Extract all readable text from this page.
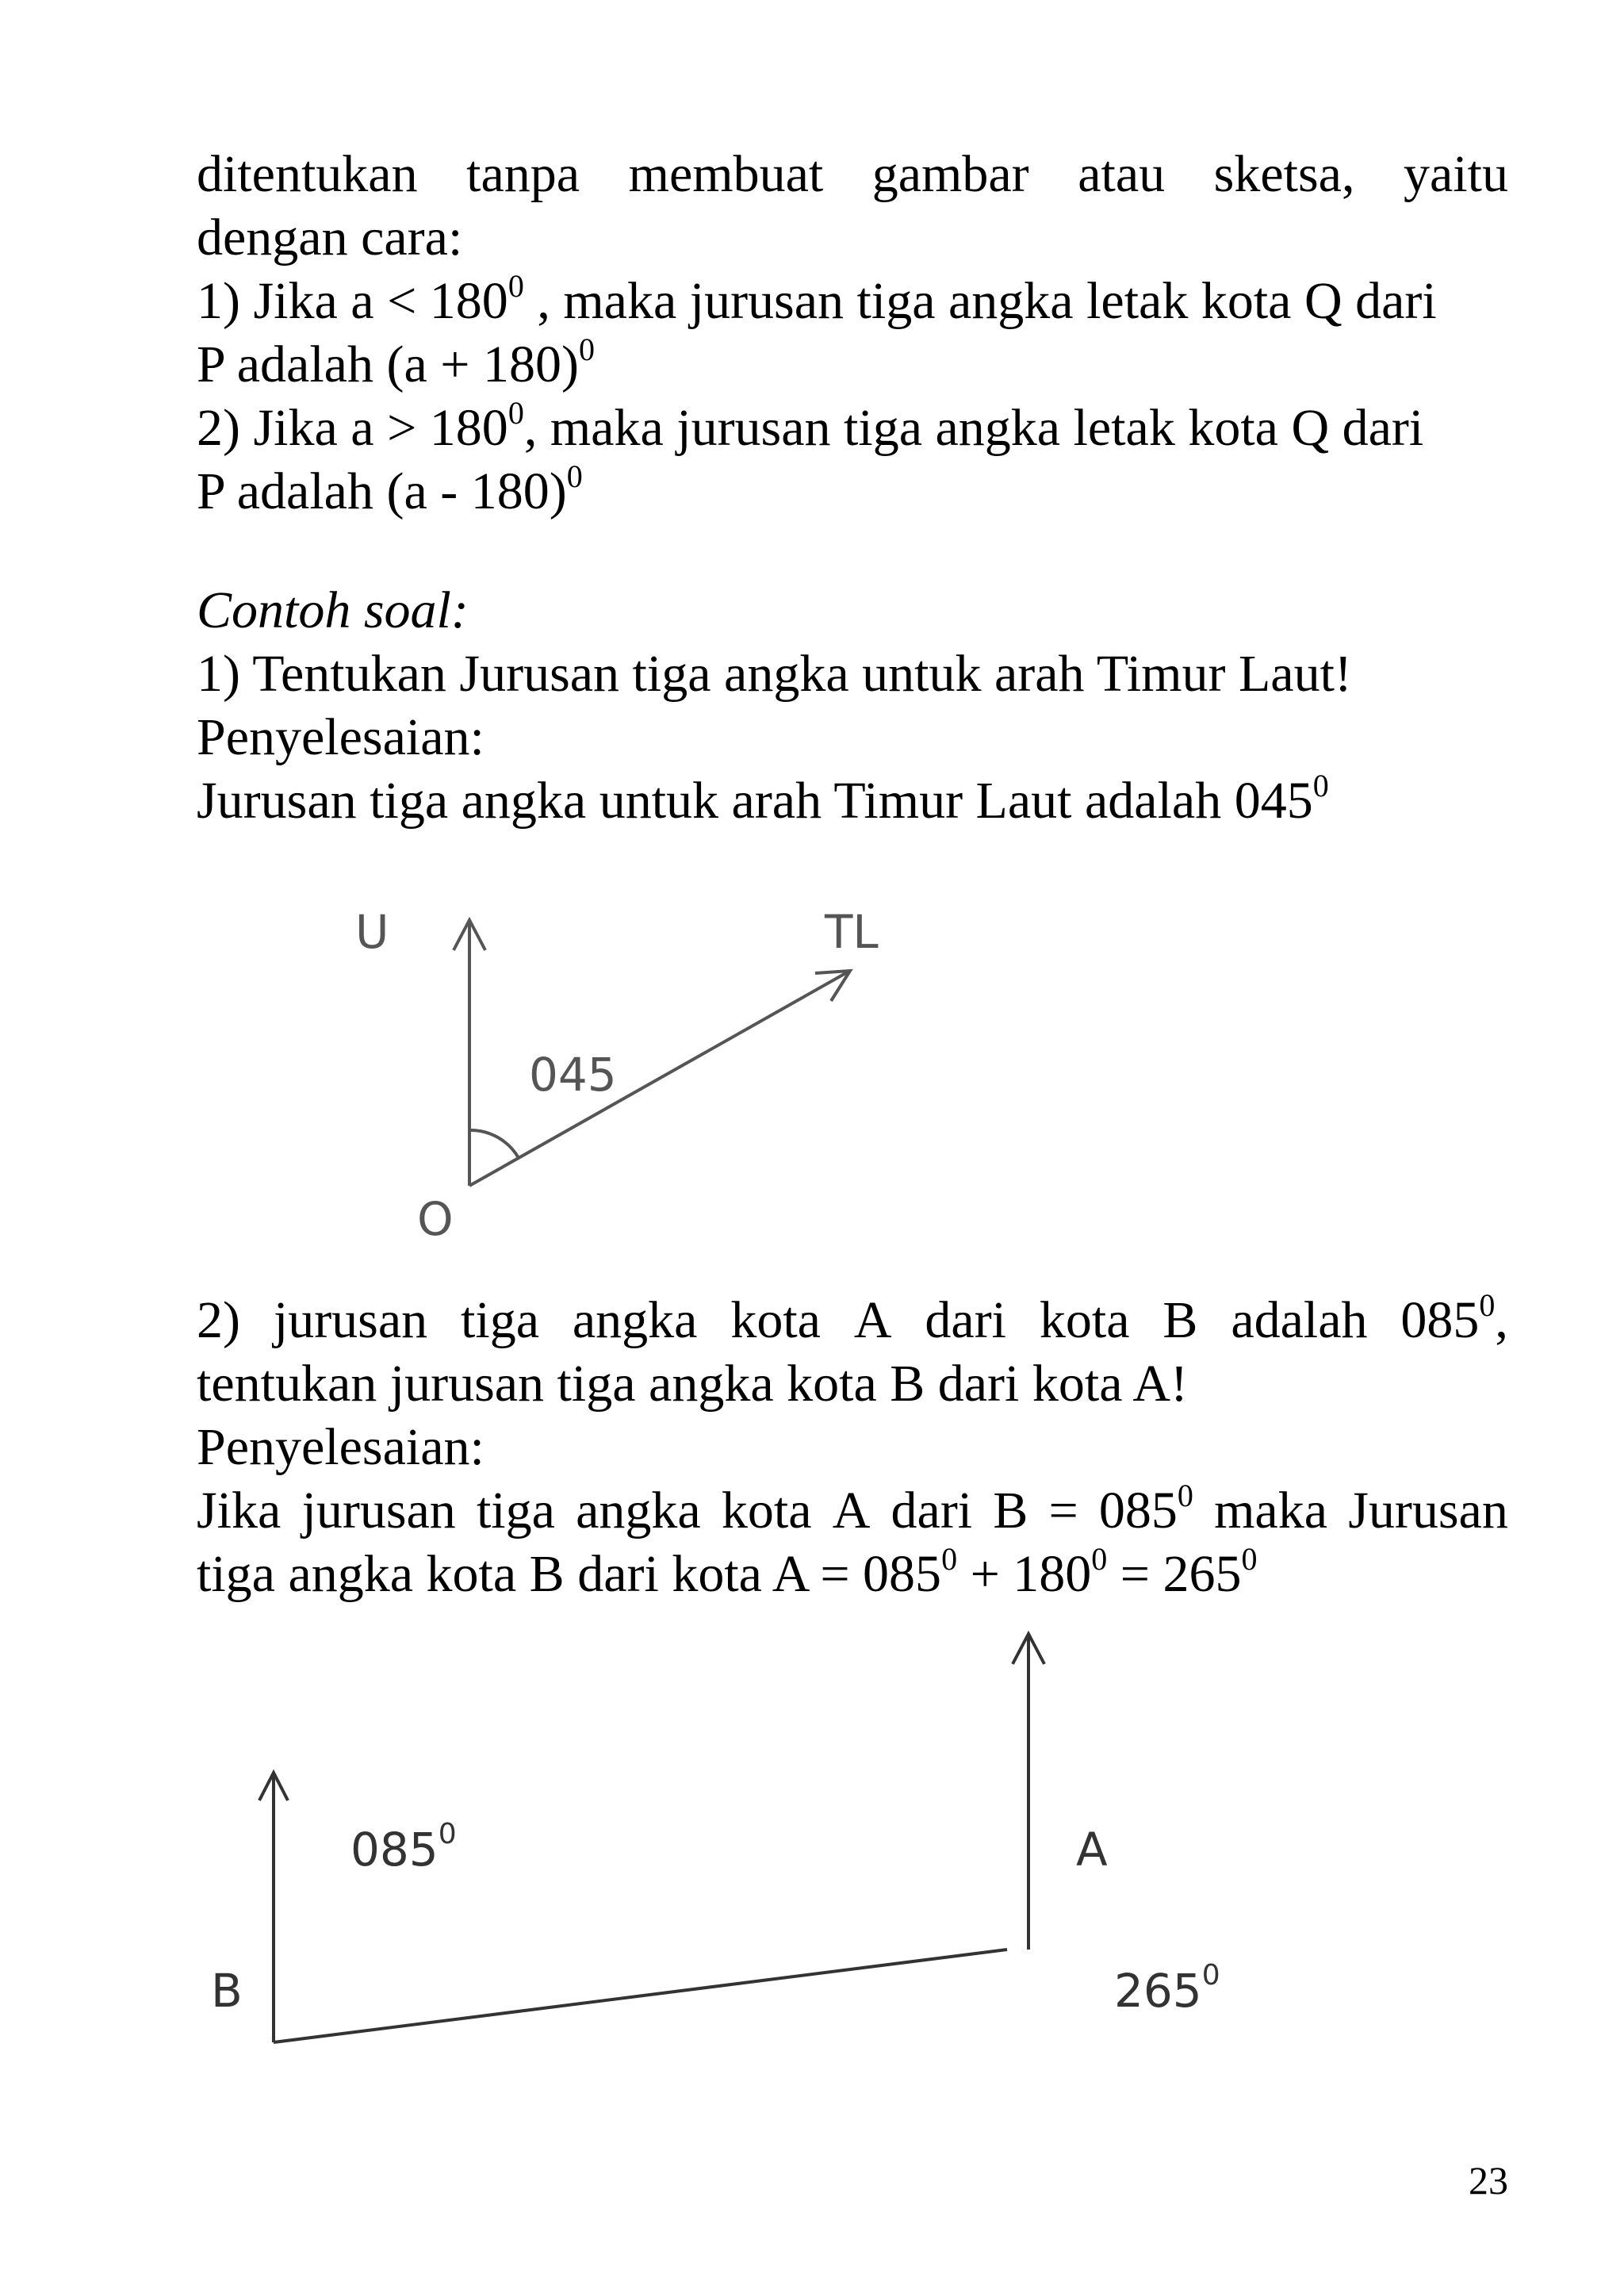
ditentukan tanpa membuat gambar atau sketsa, yaitu
dengan cara:
1) Jika $a < 180^0$ , maka jurusan tiga angka letak kota Q dari
P adalah $(a + 180)^0$
2) Jika $a > 180^0$, maka jurusan tiga angka letak kota Q dari
P adalah (a - 180)$^0$
Contoh soal:
1) Tentukan Jurusan tiga angka untuk arah Timur Laut!
Penyelesaian:
Jurusan tiga angka untuk arah Timur Laut adalah $045^0$
U	TL
045
O
2) jurusan tiga angka kota A dari kota B adalah $085^0$,
tentukan jurusan tiga angka kota B dari kota A!
Penyelesaian:
Jika jurusan tiga angka kota A dari $B = 085^0$ maka Jurusan
tiga angka kota B dari kota $A = 085^0 + 180^0 = 265^0$
B
A
$085^0$
$265^0$
23
